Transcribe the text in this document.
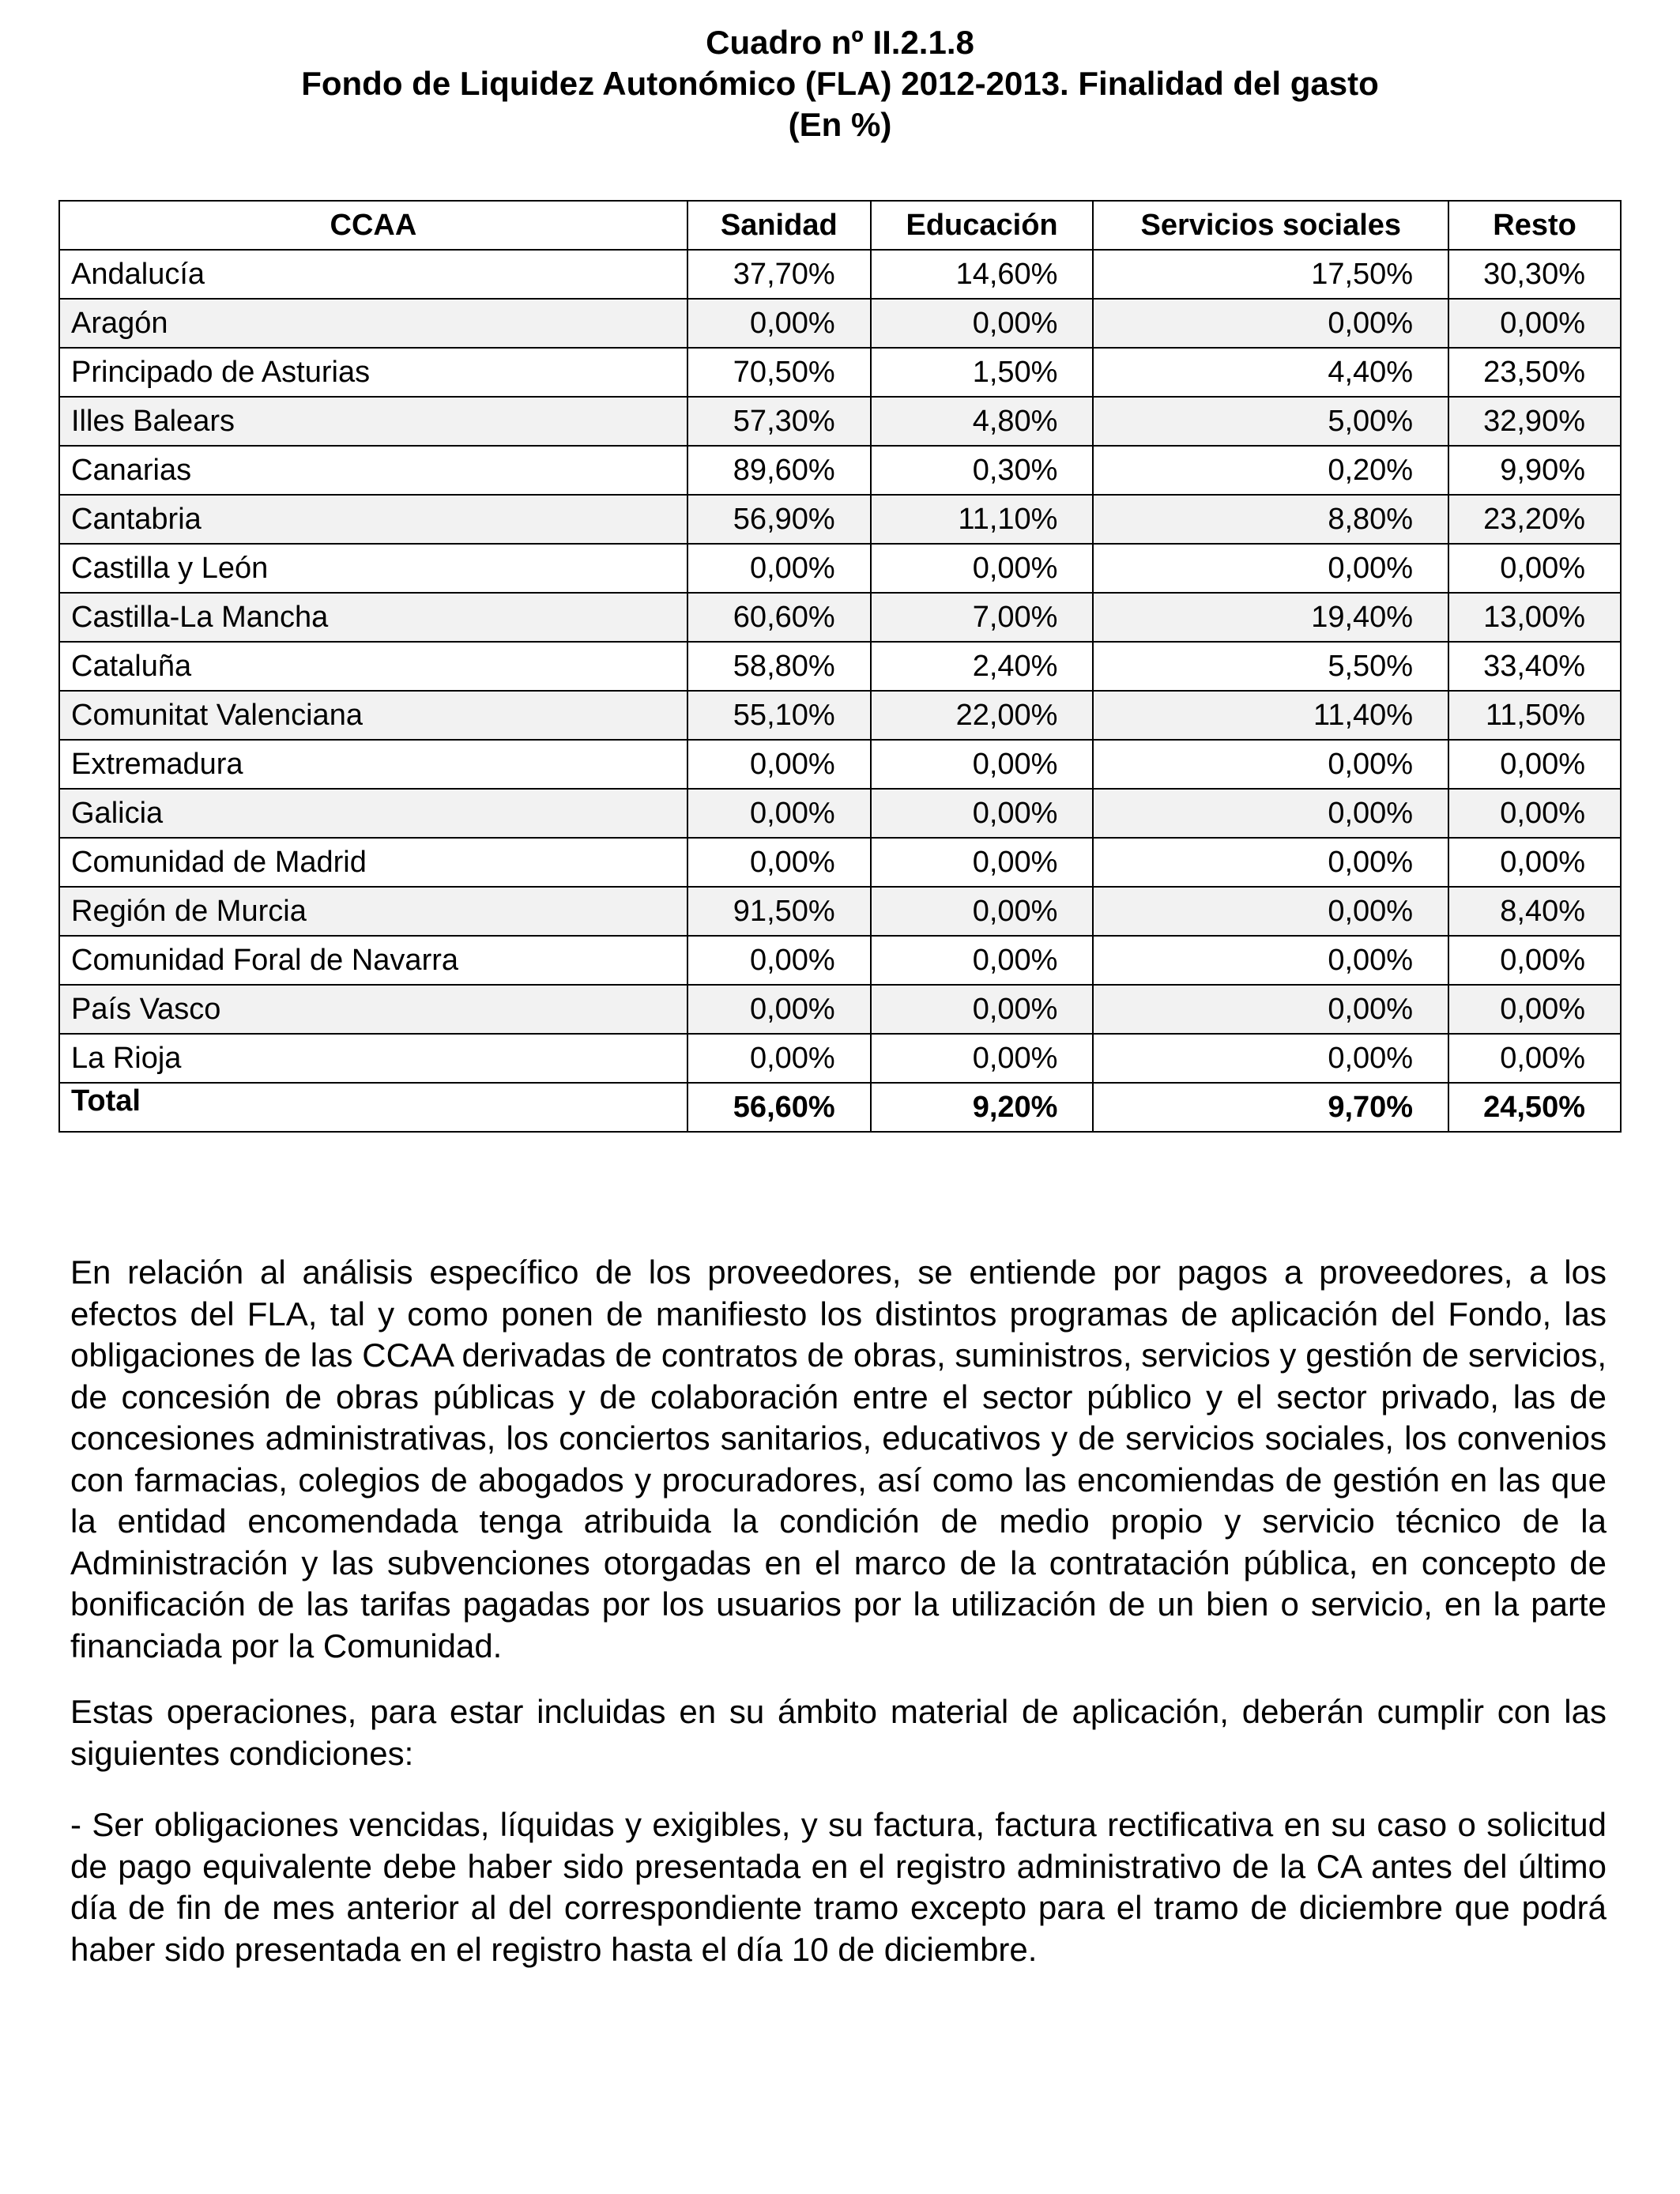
Cuadro nº II.2.1.8
Fondo de Liquidez Autonómico (FLA) 2012-2013. Finalidad del gasto
(En %)
CCAA	Sanidad	Educación	Servicios sociales	Resto
Andalucía	37,70%	14,60%	17,50%	30,30%
Aragón	0,00%	0,00%	0,00%	0,00%
Principado de Asturias	70,50%	1,50%	4,40%	23,50%
Illes Balears	57,30%	4,80%	5,00%	32,90%
Canarias	89,60%	0,30%	0,20%	9,90%
Cantabria	56,90%	11,10%	8,80%	23,20%
Castilla y León	0,00%	0,00%	0,00%	0,00%
Castilla-La Mancha	60,60%	7,00%	19,40%	13,00%
Cataluña	58,80%	2,40%	5,50%	33,40%
Comunitat Valenciana	55,10%	22,00%	11,40%	11,50%
Extremadura	0,00%	0,00%	0,00%	0,00%
Galicia	0,00%	0,00%	0,00%	0,00%
Comunidad de Madrid	0,00%	0,00%	0,00%	0,00%
Región de Murcia	91,50%	0,00%	0,00%	8,40%
Comunidad Foral de Navarra	0,00%	0,00%	0,00%	0,00%
País Vasco	0,00%	0,00%	0,00%	0,00%
La Rioja	0,00%	0,00%	0,00%	0,00%
Total	56,60%	9,20%	9,70%	24,50%
En relación al análisis específico de los proveedores, se entiende por pagos a proveedores, a los efectos del FLA, tal y como ponen de manifiesto los distintos programas de aplicación del Fondo, las obligaciones de las CCAA derivadas de contratos de obras, suministros, servicios y gestión de servicios, de concesión de obras públicas y de colaboración entre el sector público y el sector privado, las de concesiones administrativas, los conciertos sanitarios, educativos y de servicios sociales, los convenios con farmacias, colegios de abogados y procuradores, así como las encomiendas de gestión en las que la entidad encomendada tenga atribuida la condición de medio propio y servicio técnico de la Administración y las subvenciones otorgadas en el marco de la contratación pública, en concepto de bonificación de las tarifas pagadas por los usuarios por la utilización de un bien o servicio, en la parte financiada por la Comunidad.
Estas operaciones, para estar incluidas en su ámbito material de aplicación, deberán cumplir con las siguientes condiciones:
- Ser obligaciones vencidas, líquidas y exigibles, y su factura, factura rectificativa en su caso o solicitud de pago equivalente debe haber sido presentada en el registro administrativo de la CA antes del último día de fin de mes anterior al del correspondiente tramo excepto para el tramo de diciembre que podrá haber sido presentada en el registro hasta el día 10 de diciembre.
